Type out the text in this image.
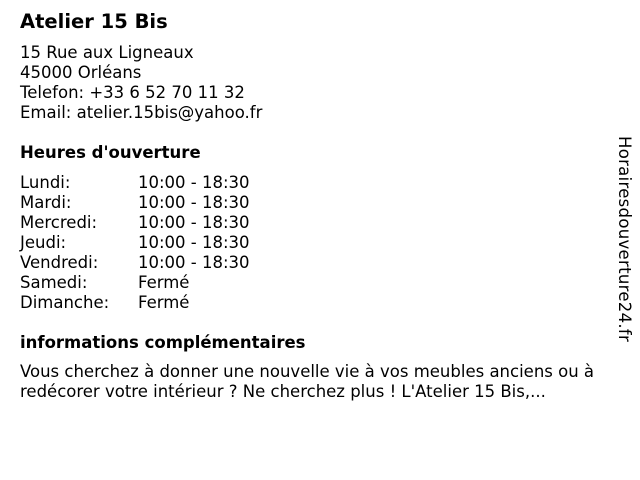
Atelier 15 Bis
15 Rue aux Ligneaux
45000 Orléans
Telefon: +33 6 52 70 11 32
Email: atelier.15bis@yahoo.fr
Heures d'ouverture
Lundi:	10:00 - 18:30
Mardi:	10:00 - 18:30
Mercredi:	10:00 - 18:30
Jeudi:	10:00 - 18:30
Vendredi:	10:00 - 18:30
Samedi:	Fermé
Dimanche:	Fermé
informations complémentaires
Vous cherchez à donner une nouvelle vie à vos meubles anciens ou à
redécorer votre intérieur ? Ne cherchez plus ! L'Atelier 15 Bis,...
Horairesdouverture24.fr
